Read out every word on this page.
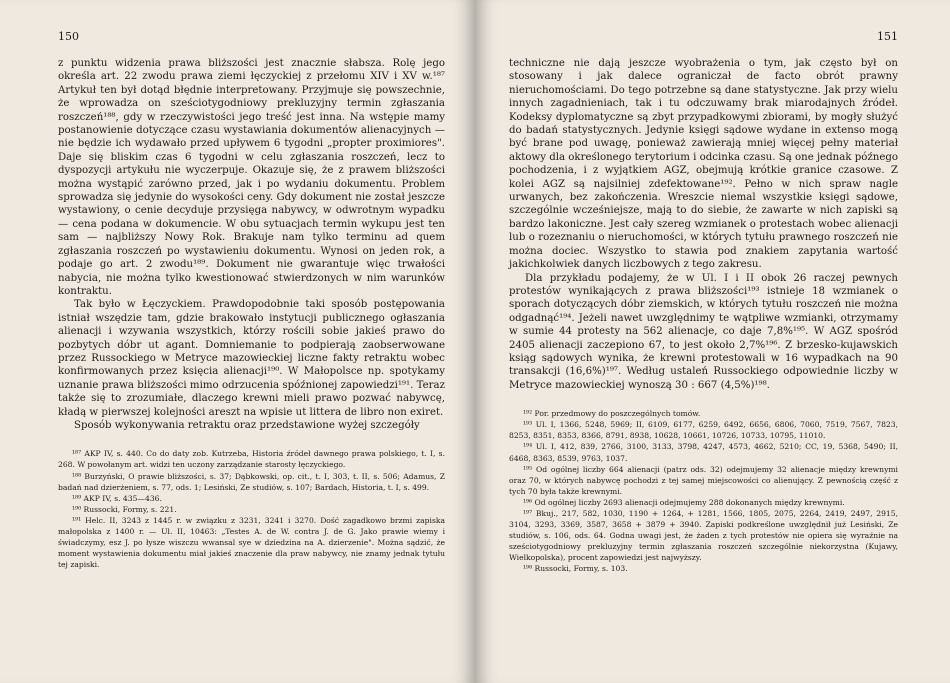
150

z punktu widzenia prawa bliższości jest znacznie słabsza. Rolę jego określa art. 22 zwodu prawa ziemi łęczyckiej z przełomu XIV i XV w.¹⁸⁷ Artykuł ten był dotąd błędnie interpretowany. Przyjmuje się powszechnie, że wprowadza on sześciotygodniowy prekluzyjny termin zgłaszania roszczeń¹⁸⁸, gdy w rzeczywistości jego treść jest inna. Na wstępie mamy postanowienie dotyczące czasu wystawiania dokumentów alienacyjnych — nie będzie ich wydawało przed upływem 6 tygodni „propter proximiores". Daje się bliskim czas 6 tygodni w celu zgłaszania roszczeń, lecz to dyspozycji artykułu nie wyczerpuje. Okazuje się, że z prawem bliższości można wystąpić zarówno przed, jak i po wydaniu dokumentu. Problem sprowadza się jedynie do wysokości ceny. Gdy dokument nie został jeszcze wystawiony, o cenie decyduje przysięga nabywcy, w odwrotnym wypadku — cena podana w dokumencie. W obu sytuacjach termin wykupu jest ten sam — najbliższy Nowy Rok. Brakuje nam tylko terminu ad quem zgłaszania roszczeń po wystawieniu dokumentu. Wynosi on jeden rok, a podaje go art. 2 zwodu¹⁸⁹. Dokument nie gwarantuje więc trwałości nabycia, nie można tylko kwestionować stwierdzonych w nim warunków kontraktu.

Tak było w Łęczyckiem. Prawdopodobnie taki sposób postępowania istniał wszędzie tam, gdzie brakowało instytucji publicznego ogłaszania alienacji i wzywania wszystkich, którzy rościli sobie jakieś prawo do pozbytych dóbr ut agant. Domniemanie to podpierają zaobserwowane przez Russockiego w Metryce mazowieckiej liczne fakty retraktu wobec konfirmowanych przez księcia alienacji¹⁹⁰. W Małopolsce np. spotykamy uznanie prawa bliższości mimo odrzucenia spóźnionej zapowiedzi¹⁹¹. Teraz także się to zrozumiałe, dlaczego krewni mieli prawo pozwać nabywcę, kładą w pierwszej kolejności areszt na wpisie ut littera de libro non exiret.

Sposób wykonywania retraktu oraz przedstawione wyżej szczegóły

¹⁸⁷ AKP IV, s. 440. Co do daty zob. Kutrzeba, Historia źródeł dawnego prawa polskiego, t. I, s. 268. W powołanym art. widzi ten uczony zarządzanie starosty łęczyckiego.

¹⁸⁸ Burzyński, O prawie bliższości, s. 37; Dąbkowski, op. cit., t. I, 303, t. II, s. 506; Adamus, Z badań nad dzierżeniem, s. 77, ods. 1; Lesiński, Ze studiów, s. 107; Bardach, Historia, t. I, s. 499.

¹⁸⁹ AKP IV, s. 435—436.

¹⁹⁰ Russocki, Formy, s. 221.

¹⁹¹ Helc. II, 3243 z 1445 r. w związku z 3231, 3241 i 3270. Dość zagadkowo brzmi zapiska małopolska z 1400 r. — Ul. II, 10463: „Testes A. de W. contra J. de G. Jako prawie wiemy i świadczymy, esz J. po łysze wiszczu wwansal sye w dziedzina na A. dzierzenie". Można sądzić, że moment wystawienia dokumentu miał jakieś znaczenie dla praw nabywcy, nie znamy jednak tytułu tej zapiski.

151

techniczne nie dają jeszcze wyobrażenia o tym, jak często był on stosowany i jak dalece ograniczał de facto obrót prawny nieruchomościami. Do tego potrzebne są dane statystyczne. Jak przy wielu innych zagadnieniach, tak i tu odczuwamy brak miarodajnych źródeł. Kodeksy dyplomatyczne są zbyt przypadkowymi zbiorami, by mogły służyć do badań statystycznych. Jedynie księgi sądowe wydane in extenso mogą być brane pod uwagę, ponieważ zawierają mniej więcej pełny materiał aktowy dla określonego terytorium i odcinka czasu. Są one jednak późnego pochodzenia, i z wyjątkiem AGZ, obejmują krótkie granice czasowe. Z kolei AGZ są najsilniej zdefektowane¹⁹². Pełno w nich spraw nagle urwanych, bez zakończenia. Wreszcie niemal wszystkie księgi sądowe, szczególnie wcześniejsze, mają to do siebie, że zawarte w nich zapiski są bardzo lakoniczne. Jest cały szereg wzmianek o protestach wobec alienacji lub o rozeznaniu o nieruchomości, w których tytułu prawnego roszczeń nie można dociec. Wszystko to stawia pod znakiem zapytania wartość jakichkolwiek danych liczbowych z tego zakresu.

Dla przykładu podajemy, że w Ul. I i II obok 26 raczej pewnych protestów wynikających z prawa bliższości¹⁹³ istnieje 18 wzmianek o sporach dotyczących dóbr ziemskich, w których tytułu roszczeń nie można odgadnąć¹⁹⁴. Jeżeli nawet uwzględnimy te wątpliwe wzmianki, otrzymamy w sumie 44 protesty na 562 alienacje, co daje 7,8%¹⁹⁵. W AGZ spośród 2405 alienacji zaczepiono 67, to jest około 2,7%¹⁹⁶. Z brzesko-kujawskich ksiąg sądowych wynika, że krewni protestowali w 16 wypadkach na 90 transakcji (16,6%)¹⁹⁷. Według ustaleń Russockiego odpowiednie liczby w Metryce mazowieckiej wynoszą 30 : 667 (4,5%)¹⁹⁸.

¹⁹² Por. przedmowy do poszczególnych tomów.

¹⁹³ Ul. I, 1366, 5248, 5969; II, 6109, 6177, 6259, 6492, 6656, 6806, 7060, 7519, 7567, 7823, 8253, 8351, 8353, 8366, 8791, 8938, 10628, 10661, 10726, 10733, 10795, 11010.

¹⁹⁴ Ul. I, 412, 839, 2766, 3100, 3133, 3798, 4247, 4573, 4662, 5210; CC, 19, 5368, 5490; II, 6468, 8363, 8539, 9763, 1037.

¹⁹⁵ Od ogólnej liczby 664 alienacji (patrz ods. 32) odejmujemy 32 alienacje między krewnymi oraz 70, w których nabywcę pochodzi z tej samej miejscowości co alienujący. Z pewnością część z tych 70 była także krewnymi.

¹⁹⁶ Od ogólnej liczby 2693 alienacji odejmujemy 288 dokonanych między krewnymi.

¹⁹⁷ Bkuj., 217, 582, 1030, 1190 + 1264, + 1281, 1566, 1805, 2075, 2264, 2419, 2497, 2915, 3104, 3293, 3369, 3587, 3658 + 3879 + 3940. Zapiski podkreślone uwzględnił już Lesiński, Ze studiów, s. 106, ods. 64. Godna uwagi jest, że żaden z tych protestów nie opiera się wyraźnie na sześciotygodniowy prekluzyjny termin zgłaszania roszczeń szczególnie niekorzystna (Kujawy, Wielkopolska), procent zapowiedzi jest najwyższy.

¹⁹⁸ Russocki, Formy, s. 103.
